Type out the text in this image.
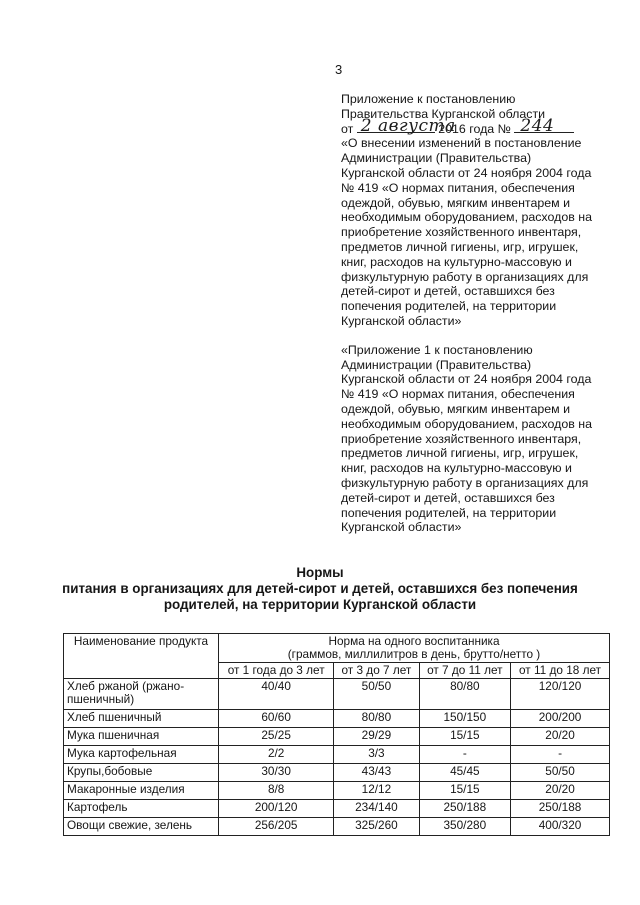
3

Приложение к постановлению

Правительства Курганской области

от 2 августа
2016 года № 244

«О внесении изменений в постановление

Администрации (Правительства)

Курганской области от 24 ноября 2004 года

№ 419 «О нормах питания, обеспечения

одеждой, обувью, мягким инвентарем и

необходимым оборудованием, расходов на

приобретение хозяйственного инвентаря,

предметов личной гигиены, игр, игрушек,

книг, расходов на культурно-массовую и

физкультурную работу в организациях для

детей-сирот и детей, оставшихся без

попечения родителей, на территории

Курганской области»

«Приложение 1 к постановлению

Администрации (Правительства)

Курганской области от 24 ноября 2004 года

№ 419 «О нормах питания, обеспечения

одеждой, обувью, мягким инвентарем и

необходимым оборудованием, расходов на

приобретение хозяйственного инвентаря,

предметов личной гигиены, игр, игрушек,

книг, расходов на культурно-массовую и

физкультурную работу в организациях для

детей-сирот и детей, оставшихся без

попечения родителей, на территории

Курганской области»

Нормы
питания в организациях для детей-сирот и детей, оставшихся без попечения
родителей, на территории Курганской области
Наименование продукта	Норма на одного воспитанника
(граммов, миллилитров в день, брутто/нетто )			

	от 1 года до 3 лет	от 3 до 7 лет	от 7 до 11 лет	от 11 до 18 лет
Хлеб ржаной (ржано-пшеничный)	40/40	50/50	80/80	120/120
Хлеб пшеничный	60/60	80/80	150/150	200/200
Мука пшеничная	25/25	29/29	15/15	20/20
Мука картофельная	2/2	3/3	-	-
Крупы,бобовые	30/30	43/43	45/45	50/50
Макаронные изделия	8/8	12/12	15/15	20/20
Картофель	200/120	234/140	250/188	250/188
Овощи свежие, зелень	256/205	325/260	350/280	400/320
